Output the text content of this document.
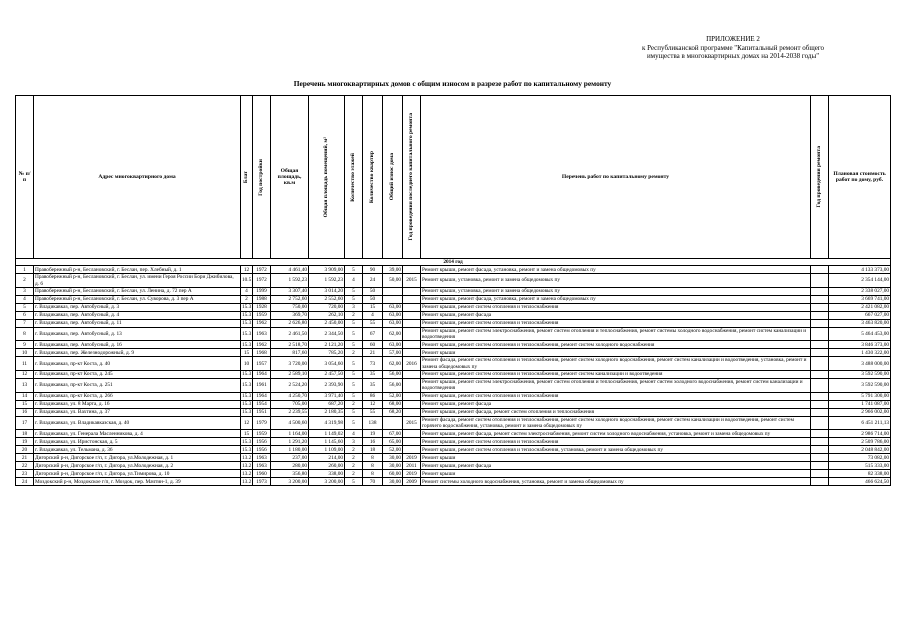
ПРИЛОЖЕНИЕ 2
к Республиканской программе "Капитальный ремонт общего
имущества в многоквартирных домах на 2014-2038 годы"
Перечень многоквартирных домов с общим износом в разрезе работ по капитальному ремонту
№ п/п	Адрес многоквартирного дома	Блат	Год постройки	Общая площадь, кв.м	Общая площадь помещений, м²	Количество этажей	Количество квартир	Общий износ дома	Год проведения последнего капитального ремонта	Перечень работ по капитальному ремонту	Год проведения ремонта	Плановая стоимость работ по дому, руб.
2014 год												
1	Правобережный р-н, Беслановский, г. Беслан, пер. Хлебный, д. 1	12	1972	4 461,40	3 909,00	5	90	39,00		Ремонт крыши, ремонт фасада, установка, ремонт и замена общедомовых пу		4 133 373,00
2	Правобережный р-н, Беслановский, г. Беслан, ул. имени Героя России Бори Джибилова, д. 6	10.5	1972	1 592,23	1 592,23	4	24	50,00	2015	Ремонт крыши, установка, ремонт и замена общедомовых пу		2 354 144,00
3	Правобережный р-н, Беслановский, г. Беслан, ул. Ленина, д. 72 пер А	4	1999	3 307,40	3 014,20	5	50			Ремонт крыши, установка, ремонт и замена общедомовых пу		2 338 027,00
4	Правобережный р-н, Беслановский, г. Беслан, ул. Суворова, д. 3 пер А	2	1988	2 752,60	2 552,60	5	50			Ремонт крыши, ремонт фасада, установка, ремонт и замена общедомовых пу		3 669 741,00
5	г. Владикавказ, пер. Автобусный, д. 3	15.3	1928	750,00	720,00	3	15	63,00		Ремонт крыши, ремонт систем отопления и теплоснабжения		2 421 082,00
6	г. Владикавказ, пер. Автобусный, д. 4	15.3	1959	369,70	262,10	2	4	63,00		Ремонт крыши, ремонт фасада		667 027,00
7	г. Владикавказ, пер. Автобусный, д. 11	15.3	1962	2 626,80	2 450,00	5	55	63,00		Ремонт крыши, ремонт систем отопления и теплоснабжения		3 463 820,00
8	г. Владикавказ, пер. Автобусный, д. 13	15.3	1963	2 461,50	2 344,50	5	67	62,00		Ремонт крыши, ремонт систем электроснабжения, ремонт систем отопления и теплоснабжения, ремонт системы холодного водоснабжения, ремонт систем канализации и водоотведения		5 464 453,00
9	г. Владикавказ, пер. Автобусный, д. 16	15.3	1962	2 518,70	2 121,20	5	60	63,00		Ремонт крыши, ремонт систем отопления и теплоснабжения, ремонт систем холодного водоснабжения		3 846 373,00
10	г. Владикавказ, пер. Железнодорожный, д. 9	15	1968	817,60	785,20	2	21	57,00		Ремонт крыши		1 430 322,00
11	г. Владикавказ, пр-кт Коста, д. 40	10	1957	3 720,00	3 054,60	5	73	62,00	2016	Ремонт фасада, ремонт систем отопления и теплоснабжения, ремонт систем холодного водоснабжения, ремонт систем канализации и водоотведения, установка, ремонт и замена общедомовых пу		3 488 000,00
12	г. Владикавказ, пр-кт Коста, д. 245	15.3	1964	2 589,10	2 457,50	5	35	56,00		Ремонт крыши, ремонт систем отопления и теплоснабжения, ремонт систем канализации и водоотведения		3 592 590,00
13	г. Владикавказ, пр-кт Коста, д. 251	15.3	1961	2 524,20	2 393,90	5	35	56,00		Ремонт крыши, ремонт систем электроснабжения, ремонт систем отопления и теплоснабжения, ремонт систем холодного водоснабжения, ремонт систем канализации и водоотведения		3 592 590,00
14	г. Владикавказ, пр-кт Коста, д. 266	15.3	1964	4 250,70	3 971,40	5	86	52,00		Ремонт крыши, ремонт систем отопления и теплоснабжения		5 791 300,00
15	г. Владикавказ, ул. 8 Марта, д. 16	15.3	1954	705,00	687,20	2	12	68,00		Ремонт крыши, ремонт фасада		1 741 087,00
16	г. Владикавказ, ул. Вахтина, д. 37	15.3	1951	2 239,55	2 180,35	5	55	68,20		Ремонт крыши, ремонт фасада, ремонт систем отопления и теплоснабжения		2 966 002,00
17	г. Владикавказ, ул. Владикавказская, д. 40	12	1979	4 500,60	4 319,98	5	138		2015	Ремонт фасада, ремонт систем отопления и теплоснабжения, ремонт систем холодного водоснабжения, ремонт систем канализации и водоотведения, ремонт систем горячего водоснабжения, установка, ремонт и замена общедомовых пу		6 451 211,13
18	г. Владикавказ, ул. Генерала Масленникова, д. 4	15	1959	1 164,00	1 149,02	4	19	67,00		Ремонт крыши, ремонт фасада, ремонт систем электроснабжения, ремонт систем холодного водоснабжения, установка, ремонт и замена общедомовых пу		2 986 714,00
19	г. Владикавказ, ул. Иристонская, д. 5	15.3	1956	1 291,20	1 145,60	3	16	65,00		Ремонт крыши, ремонт систем отопления и теплоснабжения		2 509 786,00
20	г. Владикавказ, ул. Тельмана, д. 36	15.3	1956	1 180,00	1 109,00	2	18	52,00		Ремонт крыши, ремонт систем отопления и теплоснабжения, установка, ремонт и замена общедомовых пу		2 048 842,00
21	Дигорский р-н, Дигорское г/п, г. Дигора, ул.Молодежная, д. 1	13.2	1963	237,00	214,00	2	8	30,00	2019	Ремонт крыши		73 082,00
22	Дигорский р-н, Дигорское г/п, г. Дигора, ул.Молодежная, д. 2	13.2	1963	280,00	260,00	2	8	30,00	2011	Ремонт крыши, ремонт фасада		515 333,00
23	Дигорский р-н, Дигорское г/п, г. Дигора, ул.Тимирова, д. 10	13.2	1960	356,80	338,00	2	8	60,00	2019	Ремонт крыши		82 338,00
24	Моздокский р-н, Моздокское г/п, г. Моздок, пер. Мачтин-1, д. 39	13.2	1973	3 200,00	3 200,00	5	70	30,00	2009	Ремонт системы холодного водоснабжения, установка, ремонт и замена общедомовых пу		466 624,50
